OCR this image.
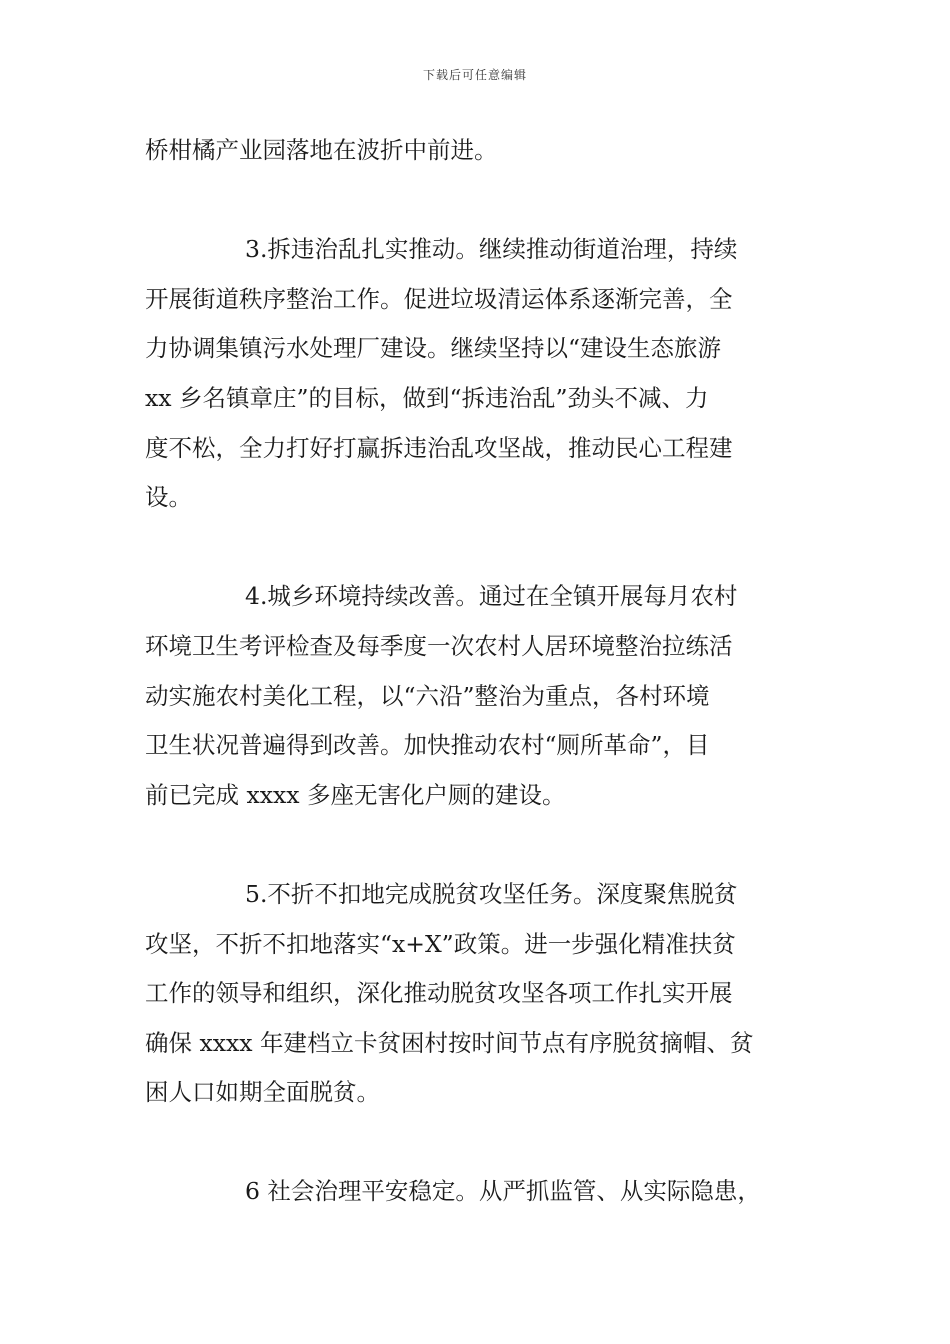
下载后可任意编辑
桥柑橘产业园落地在波折中前进。
3.拆违治乱扎实推动。继续推动街道治理，持续
开展街道秩序整治工作。促进垃圾清运体系逐渐完善，全
力协调集镇污水处理厂建设。继续坚持以“建设生态旅游
xx 乡名镇章庄”的目标，做到“拆违治乱”劲头不减、力
度不松，全力打好打赢拆违治乱攻坚战，推动民心工程建
设。
4.城乡环境持续改善。通过在全镇开展每月农村
环境卫生考评检查及每季度一次农村人居环境整治拉练活
动实施农村美化工程，以“六沿”整治为重点，各村环境
卫生状况普遍得到改善。加快推动农村“厕所革命”，目
前已完成 xxxx 多座无害化户厕的建设。
5.不折不扣地完成脱贫攻坚任务。深度聚焦脱贫
攻坚，不折不扣地落实“x+X”政策。进一步强化精准扶贫
工作的领导和组织，深化推动脱贫攻坚各项工作扎实开展
确保 xxxx 年建档立卡贫困村按时间节点有序脱贫摘帽、贫
困人口如期全面脱贫。
6 社会治理平安稳定。从严抓监管、从实际隐患，
